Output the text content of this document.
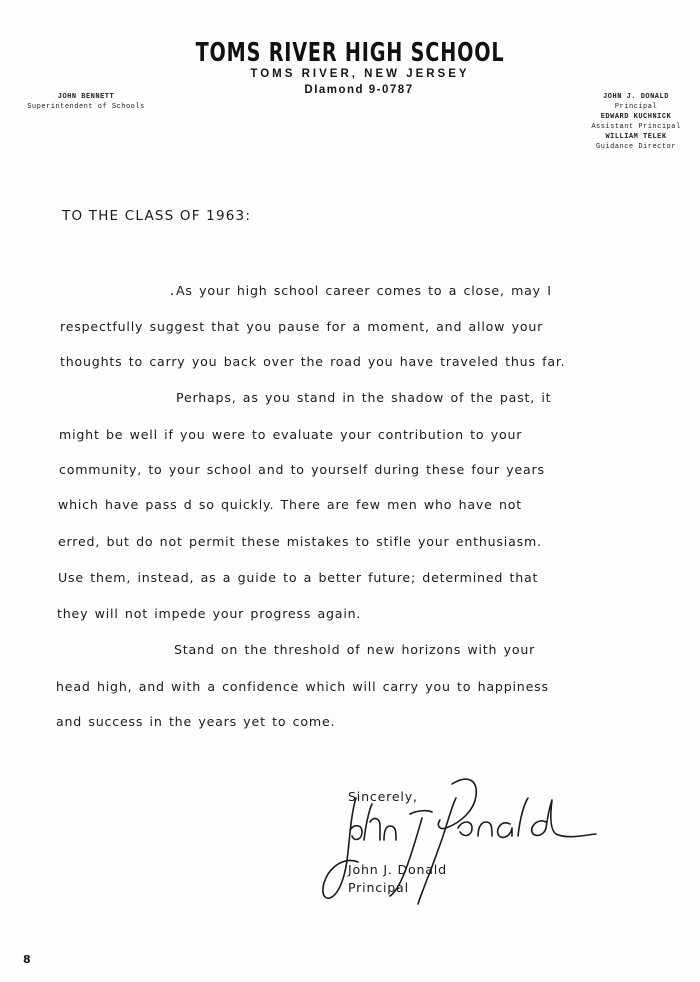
TOMS RIVER HIGH SCHOOL
TOMS RIVER, NEW JERSEY
DIamond 9-0787
JOHN BENNETT
Superintendent of Schools
JOHN J. DONALD
Principal
EDWARD KUCHNICK
Assistant Principal
WILLIAM TELEK
Guidance Director
TO THE CLASS OF 1963:
As your high school career comes to a close, may I
respectfully suggest that you pause for a moment, and allow your
thoughts to carry you back over the road you have traveled thus far.
Perhaps, as you stand in the shadow of the past, it
might be well if you were to evaluate your contribution to your
community, to your school and to yourself during these four years
which have pass d so quickly. There are few men who have not
erred, but do not permit these mistakes to stifle your enthusiasm.
Use them, instead, as a guide to a better future; determined that
they will not impede your progress again.
Stand on the threshold of new horizons with your
head high, and with a confidence which will carry you to happiness
and success in the years yet to come.
Sincerely,
John J. Donald
Principal
8
